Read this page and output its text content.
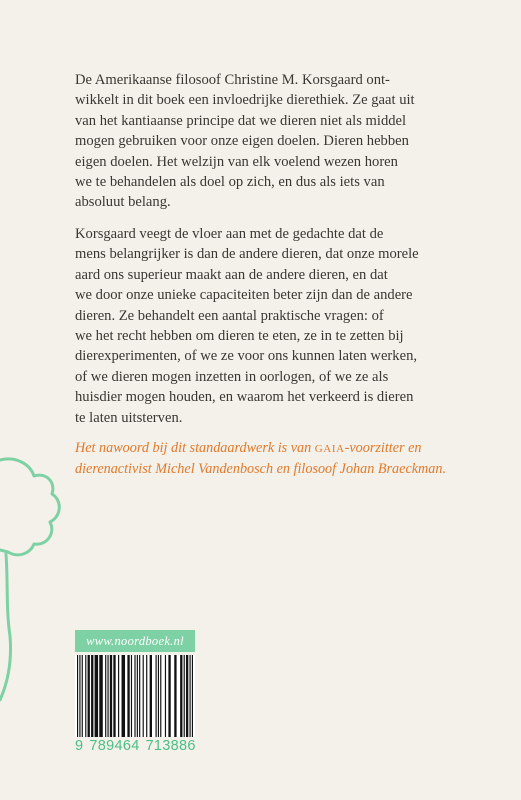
De Amerikaanse filosoof Christine M. Korsgaard ont-
wikkelt in dit boek een invloedrijke dierethiek. Ze gaat uit
van het kantiaanse principe dat we dieren niet als middel
mogen gebruiken voor onze eigen doelen. Dieren hebben
eigen doelen. Het welzijn van elk voelend wezen horen
we te behandelen als doel op zich, en dus als iets van
absoluut belang.

Korsgaard veegt de vloer aan met de gedachte dat de
mens belangrijker is dan de andere dieren, dat onze morele
aard ons superieur maakt aan de andere dieren, en dat
we door onze unieke capaciteiten beter zijn dan de andere
dieren. Ze behandelt een aantal praktische vragen: of
we het recht hebben om dieren te eten, ze in te zetten bij
dierexperimenten, of we ze voor ons kunnen laten werken,
of we dieren mogen inzetten in oorlogen, of we ze als
huisdier mogen houden, en waarom het verkeerd is dieren
te laten uitsterven.

Het nawoord bij dit standaardwerk is van GAIA-voorzitter en
dierenactivist Michel Vandenbosch en filosoof Johan Braeckman.

www.noordboek.nl
9 789464 713886
